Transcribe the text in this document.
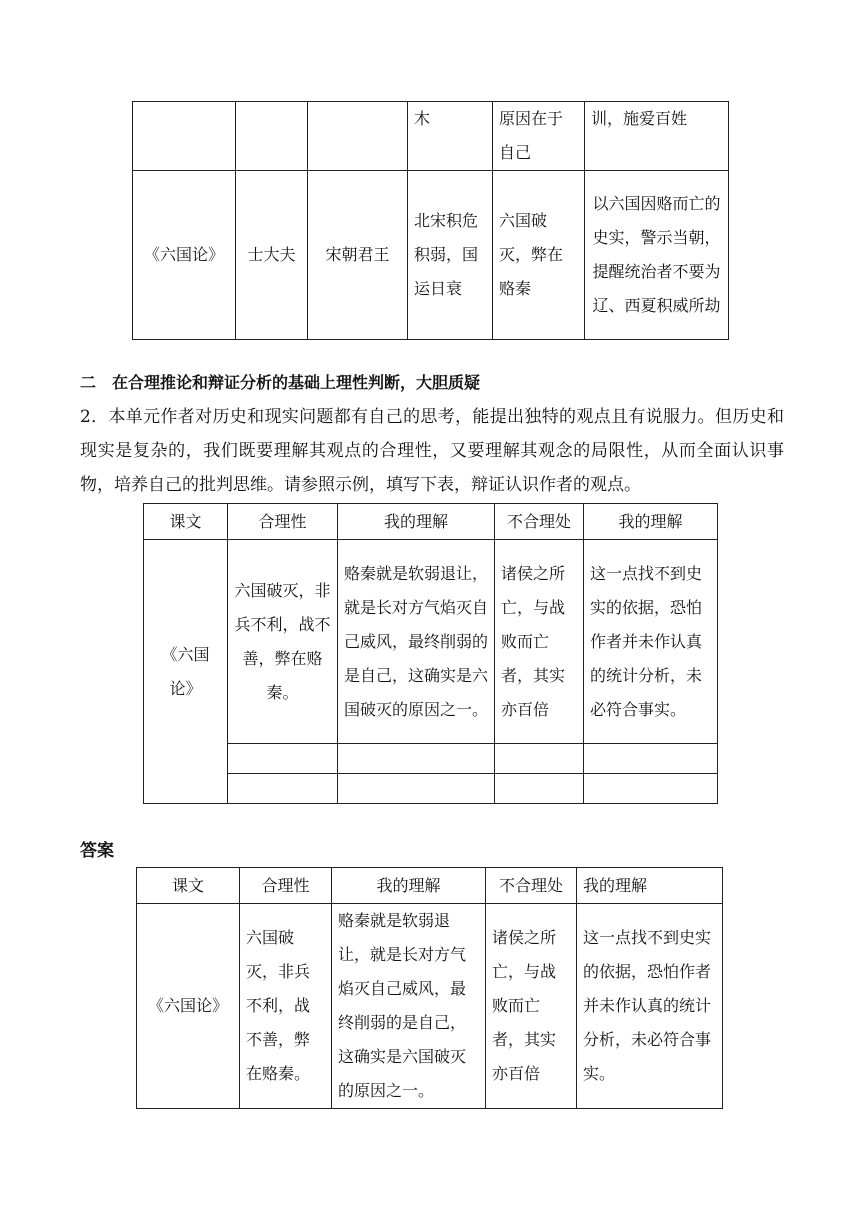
			木	原因在于自己	训，施爱百姓
《六国论》	士大夫	宋朝君王	北宋积危积弱，国运日衰	六国破灭，弊在赂秦	以六国因赂而亡的史实，警示当朝，提醒统治者不要为辽、西夏积威所劫
二　在合理推论和辩证分析的基础上理性判断，大胆质疑
2．本单元作者对历史和现实问题都有自己的思考，能提出独特的观点且有说服力。但历史和现实是复杂的，我们既要理解其观点的合理性，又要理解其观念的局限性，从而全面认识事物，培养自己的批判思维。请参照示例，填写下表，辩证认识作者的观点。
课文	合理性	我的理解	不合理处	我的理解
《六国论》	六国破灭，非兵不利，战不善，弊在赂秦。	赂秦就是软弱退让，就是长对方气焰灭自己威风，最终削弱的是自己，这确实是六国破灭的原因之一。	诸侯之所亡，与战败而亡者，其实亦百倍	这一点找不到史实的依据，恐怕作者并未作认真的统计分析，未必符合事实。

答案
课文	合理性	我的理解	不合理处	我的理解
《六国论》	六国破灭，非兵不利，战不善，弊在赂秦。	赂秦就是软弱退让，就是长对方气焰灭自己威风，最终削弱的是自己，这确实是六国破灭的原因之一。	诸侯之所亡，与战败而亡者，其实亦百倍	这一点找不到史实的依据，恐怕作者并未作认真的统计分析，未必符合事实。
